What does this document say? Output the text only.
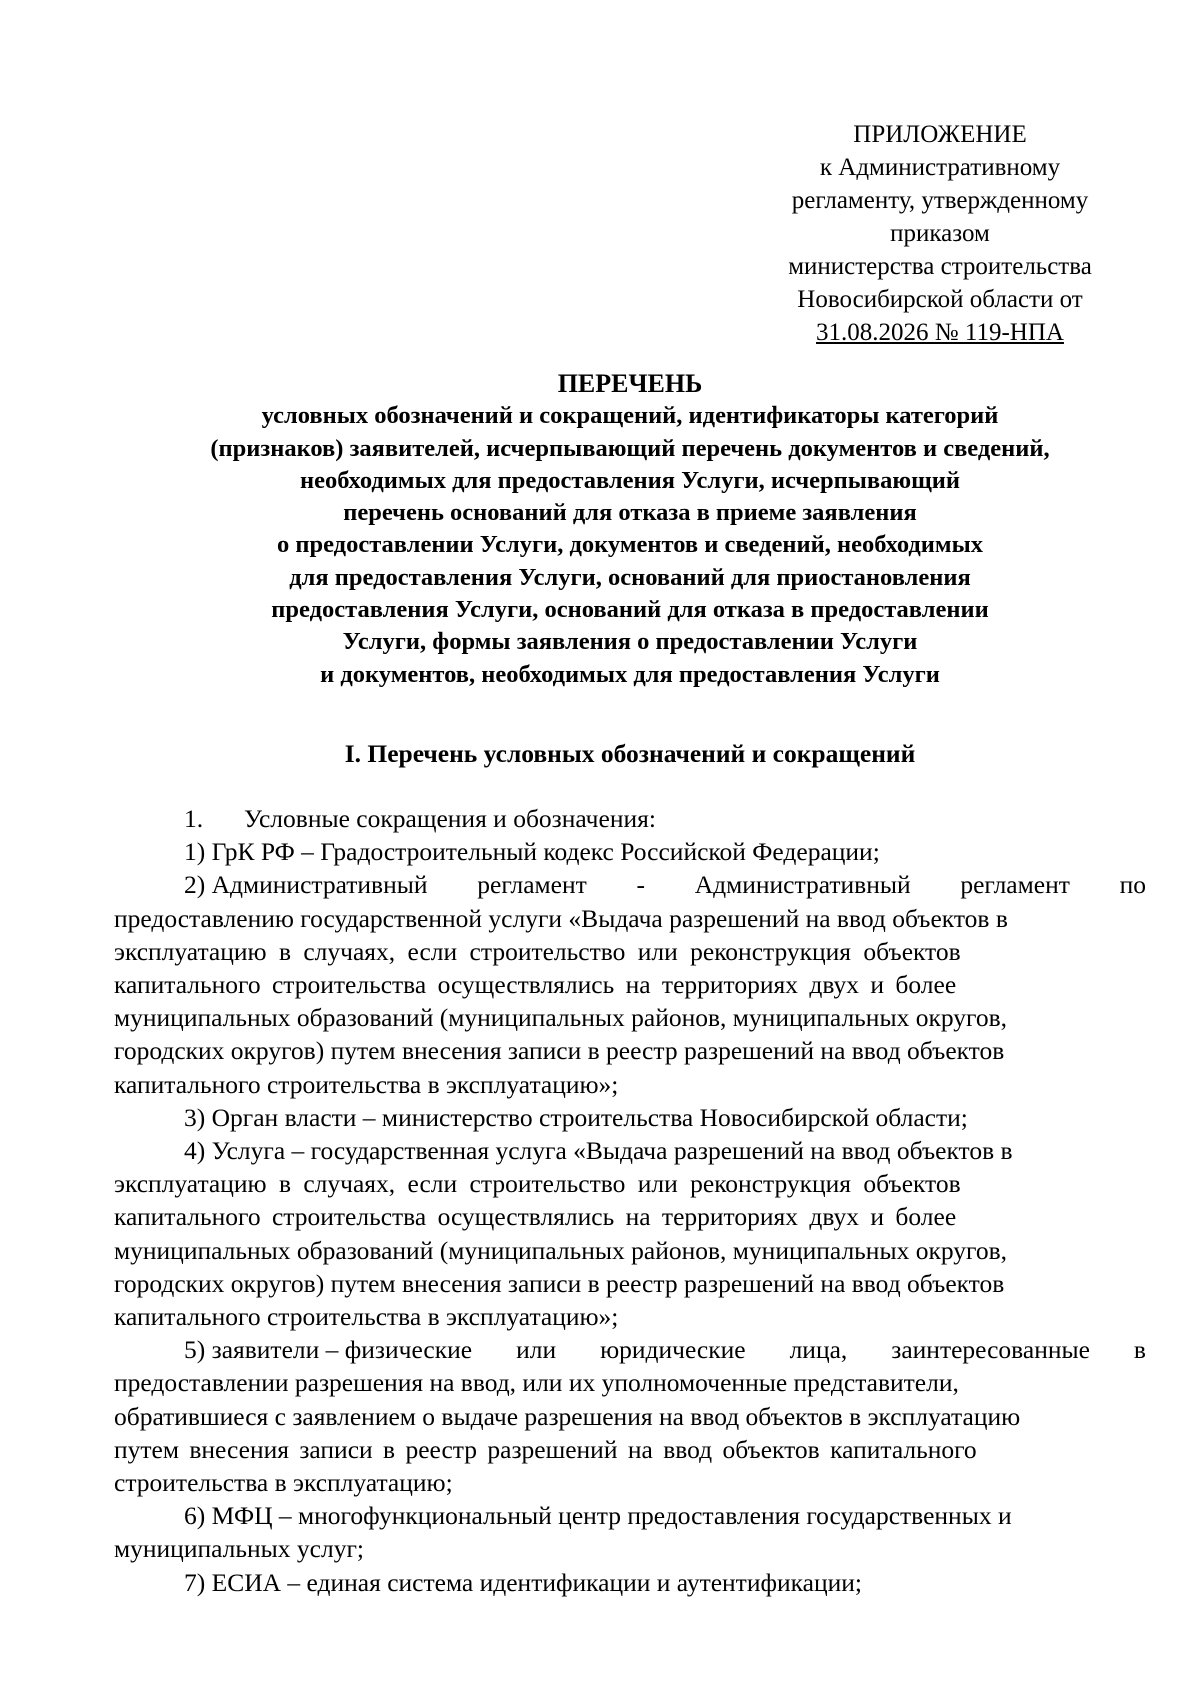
ПРИЛОЖЕНИЕ
к Административному
регламенту, утвержденному
приказом
министерства строительства
Новосибирской области от
31.08.2026 № 119-НПА
ПЕРЕЧЕНЬ
условных обозначений и сокращений, идентификаторы категорий
(признаков) заявителей, исчерпывающий перечень документов и сведений,
необходимых для предоставления Услуги, исчерпывающий
перечень оснований для отказа в приеме заявления
о предоставлении Услуги, документов и сведений, необходимых
для предоставления Услуги, оснований для приостановления
предоставления Услуги, оснований для отказа в предоставлении
Услуги, формы заявления о предоставлении Услуги
и документов, необходимых для предоставления Услуги
I. Перечень условных обозначений и сокращений
1. Условные сокращения и обозначения:
1) ГрК РФ – Градостроительный кодекс Российской Федерации;
2) Административный регламент - Административный регламент по
предоставлению государственной услуги «Выдача разрешений на ввод объектов в
эксплуатацию в случаях, если строительство или реконструкция объектов
капитального строительства осуществлялись на территориях двух и более
муниципальных образований (муниципальных районов, муниципальных округов,
городских округов) путем внесения записи в реестр разрешений на ввод объектов
капитального строительства в эксплуатацию»;
3) Орган власти – министерство строительства Новосибирской области;
4) Услуга – государственная услуга «Выдача разрешений на ввод объектов в
эксплуатацию в случаях, если строительство или реконструкция объектов
капитального строительства осуществлялись на территориях двух и более
муниципальных образований (муниципальных районов, муниципальных округов,
городских округов) путем внесения записи в реестр разрешений на ввод объектов
капитального строительства в эксплуатацию»;
5) заявители – физические или юридические лица, заинтересованные в
предоставлении разрешения на ввод, или их уполномоченные представители,
обратившиеся с заявлением о выдаче разрешения на ввод объектов в эксплуатацию
путем внесения записи в реестр разрешений на ввод объектов капитального
строительства в эксплуатацию;
6) МФЦ – многофункциональный центр предоставления государственных и
муниципальных услуг;
7) ЕСИА – единая система идентификации и аутентификации;
